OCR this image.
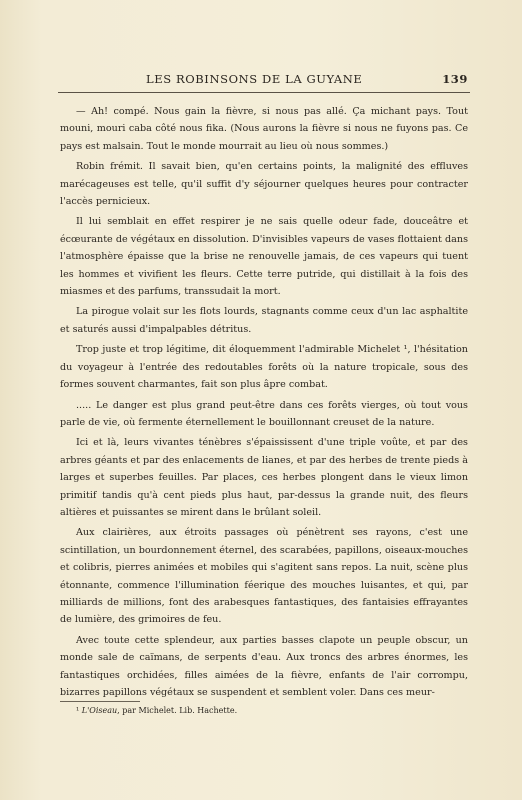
LES ROBINSONS DE LA GUYANE	139

— Ah! compé. Nous gain la fièvre, si nous pas allé. Ça michant pays. Tout mouni, mouri caba côté nous fika. (Nous aurons la fièvre si nous ne fuyons pas. Ce pays est malsain. Tout le monde mourrait au lieu où nous sommes.)

Robin frémit. Il savait bien, qu'en certains points, la malignité des effluves marécageuses est telle, qu'il suffit d'y séjourner quelques heures pour contracter l'accès pernicieux.

Il lui semblait en effet respirer je ne sais quelle odeur fade, douceâtre et écœurante de végétaux en dissolution. D'invisibles vapeurs de vases flottaient dans l'atmosphère épaisse que la brise ne renouvelle jamais, de ces vapeurs qui tuent les hommes et vivifient les fleurs. Cette terre putride, qui distillait à la fois des miasmes et des parfums, transsudait la mort.

La pirogue volait sur les flots lourds, stagnants comme ceux d'un lac asphaltite et saturés aussi d'impalpables détritus.

Trop juste et trop légitime, dit éloquemment l'admirable Michelet ¹, l'hésitation du voyageur à l'entrée des redoutables forêts où la nature tropicale, sous des formes souvent charmantes, fait son plus âpre combat.

..... Le danger est plus grand peut-être dans ces forêts vierges, où tout vous parle de vie, où fermente éternellement le bouillonnant creuset de la nature.

Ici et là, leurs vivantes ténèbres s'épaississent d'une triple voûte, et par des arbres géants et par des enlacements de lianes, et par des herbes de trente pieds à larges et superbes feuilles. Par places, ces herbes plongent dans le vieux limon primitif tandis qu'à cent pieds plus haut, par-dessus la grande nuit, des fleurs altières et puissantes se mirent dans le brûlant soleil.

Aux clairières, aux étroits passages où pénètrent ses rayons, c'est une scintillation, un bourdonnement éternel, des scarabées, papillons, oiseaux-mouches et colibris, pierres animées et mobiles qui s'agitent sans repos. La nuit, scène plus étonnante, commence l'illumination féerique des mouches luisantes, et qui, par milliards de millions, font des arabesques fantastiques, des fantaisies effrayantes de lumière, des grimoires de feu.

Avec toute cette splendeur, aux parties basses clapote un peuple obscur, un monde sale de caïmans, de serpents d'eau. Aux troncs des arbres énormes, les fantastiques orchidées, filles aimées de la fièvre, enfants de l'air corrompu, bizarres papillons végétaux se suspendent et semblent voler. Dans ces meur-

¹ L'Oiseau, par Michelet. Lib. Hachette.
